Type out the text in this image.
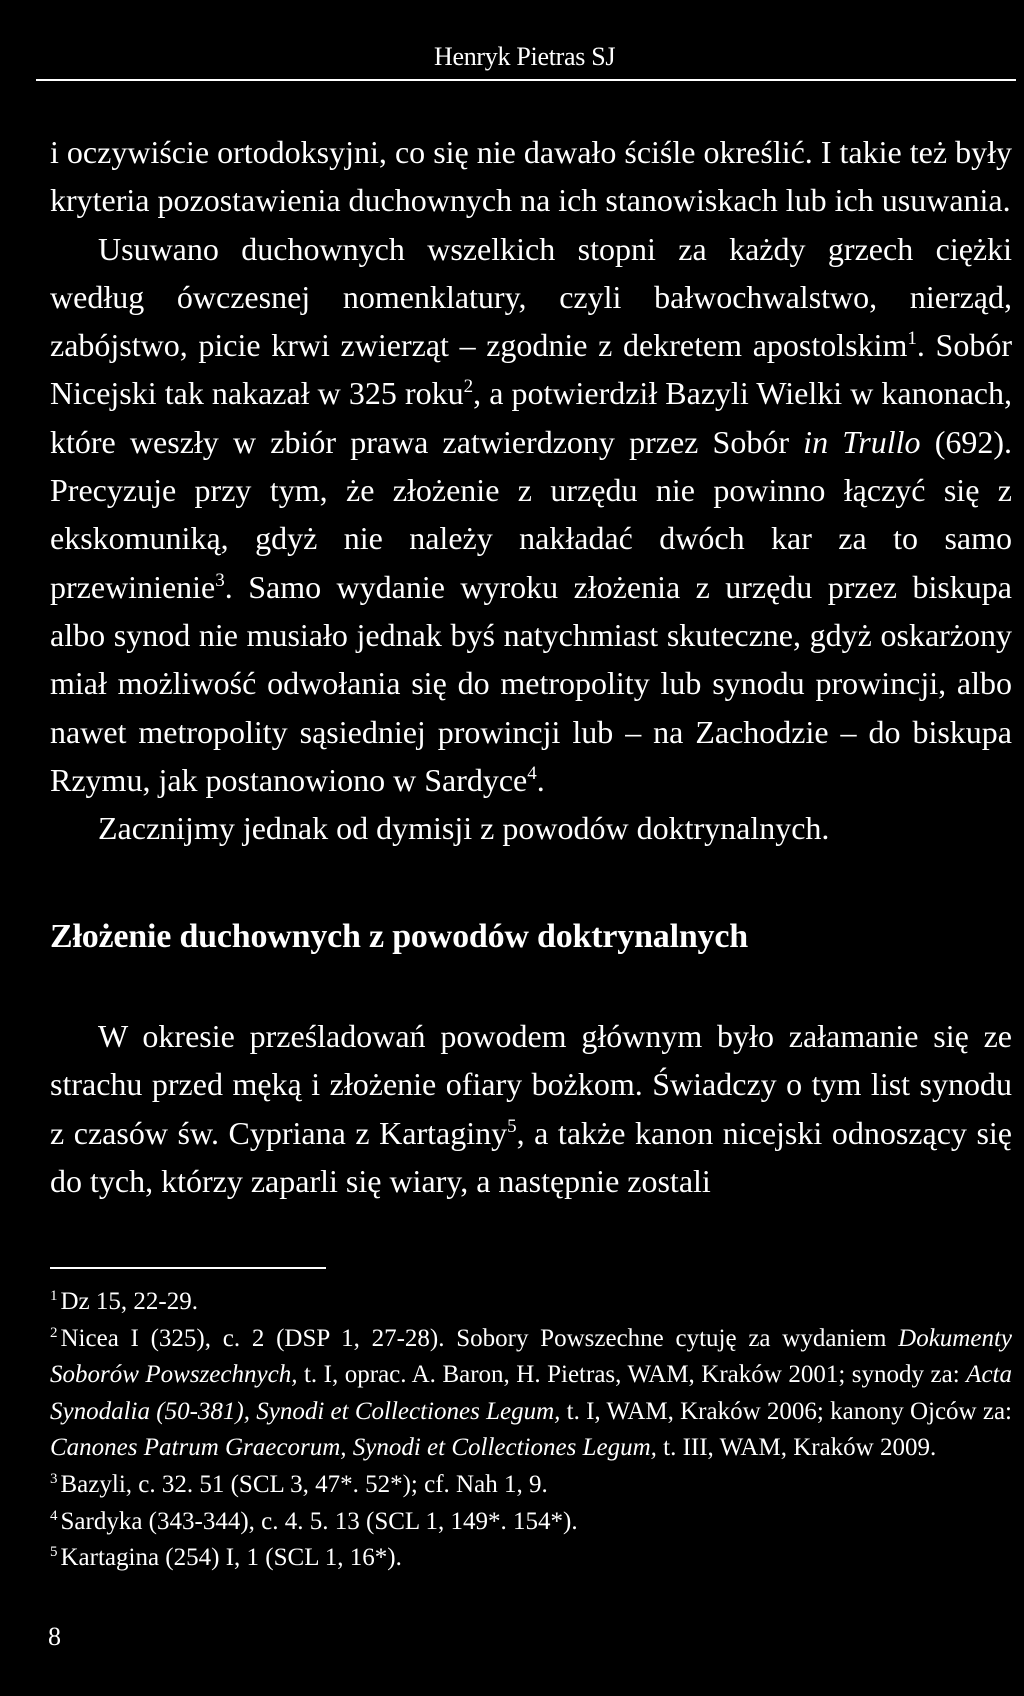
Henryk Pietras SJ

i oczywiście ortodoksyjni, co się nie dawało ściśle określić. I takie też były kryteria pozostawienia duchownych na ich stanowiskach lub ich usuwania.

Usuwano duchownych wszelkich stopni za każdy grzech ciężki według ówczesnej nomenklatury, czyli bałwochwalstwo, nierząd, zabójstwo, picie krwi zwierząt – zgodnie z dekretem apostolskim$^1$. Sobór Nicejski tak nakazał w 325 roku$^2$, a potwierdził Bazyli Wielki w kanonach, które weszły w zbiór prawa zatwierdzony przez Sobór in Trullo (692). Precyzuje przy tym, że złożenie z urzędu nie powinno łączyć się z ekskomuniką, gdyż nie należy nakładać dwóch kar za to samo przewinienie$^3$. Samo wydanie wyroku złożenia z urzędu przez biskupa albo synod nie musiało jednak byś natychmiast skuteczne, gdyż oskarżony miał możliwość odwołania się do metropolity lub synodu prowincji, albo nawet metropolity sąsiedniej prowincji lub – na Zachodzie – do biskupa Rzymu, jak postanowiono w Sardyce$^4$.

Zacznijmy jednak od dymisji z powodów doktrynalnych.

Złożenie duchownych z powodów doktrynalnych

W okresie prześladowań powodem głównym było załamanie się ze strachu przed męką i złożenie ofiary bożkom. Świadczy o tym list synodu z czasów św. Cypriana z Kartaginy$^5$, a także kanon nicejski odnoszący się do tych, którzy zaparli się wiary, a następnie zostali

$^1$ Dz 15, 22-29.

$^2$ Nicea I (325), c. 2 (DSP 1, 27-28). Sobory Powszechne cytuję za wydaniem Dokumenty Soborów Powszechnych, t. I, oprac. A. Baron, H. Pietras, WAM, Kraków 2001; synody za: Acta Synodalia (50-381), Synodi et Collectiones Legum, t. I, WAM, Kraków 2006; kanony Ojców za: Canones Patrum Graecorum, Synodi et Collectiones Legum, t. III, WAM, Kraków 2009.

$^3$ Bazyli, c. 32. 51 (SCL 3, 47*. 52*); cf. Nah 1, 9.

$^4$ Sardyka (343-344), c. 4. 5. 13 (SCL 1, 149*. 154*).

$^5$ Kartagina (254) I, 1 (SCL 1, 16*).

8
